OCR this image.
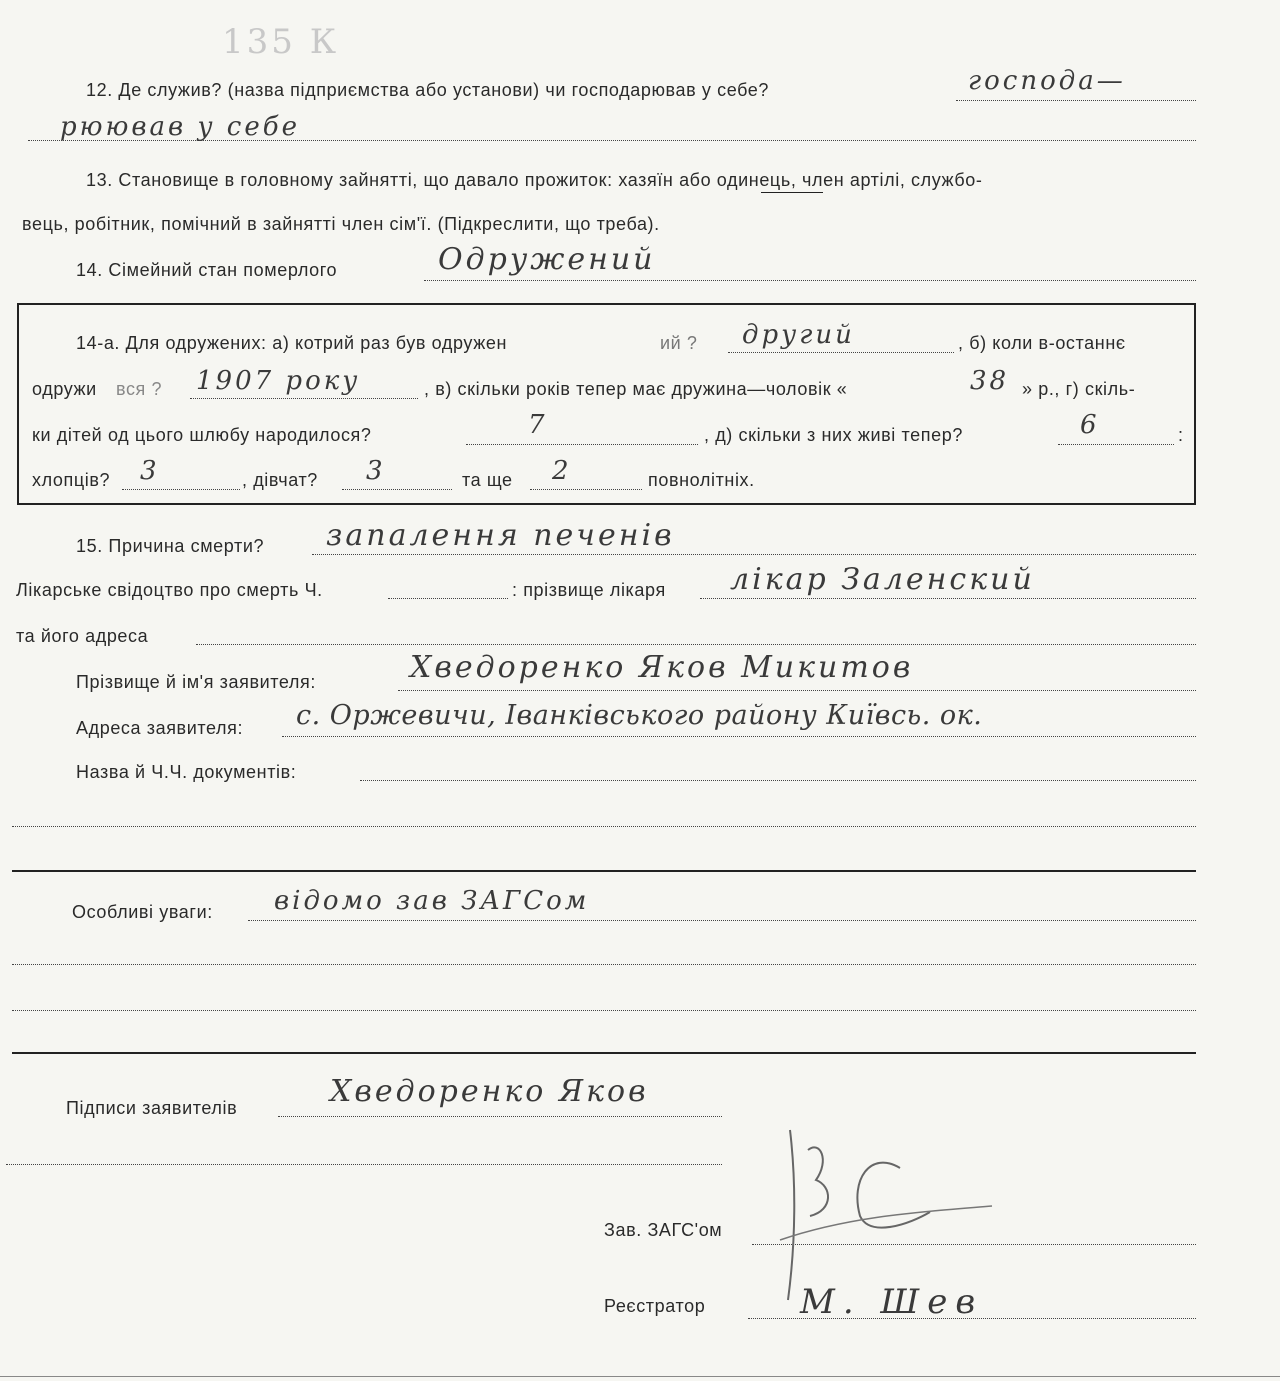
135 К
12. Де служив? (назва підприємства або установи) чи господарював у себе?	господа—
рюював у себе
13. Становище в головному зайнятті, що давало прожиток: хазяїн або одинець, член артілі, службо-
вець, робітник, помічний в зайнятті член сім'ї. (Підкреслити, що треба).
14. Сімейний стан померлого	Одружений
14-а. Для одружених: а) котрий раз був одружен	ий ? другий	, б) коли в-останнє
одружи вся ? 1907 року	, в) скільки років тепер має дружина—чоловік «	38 » р., г) скіль-
ки дітей од цього шлюбу народилося?	7	, д) скільки з них живі тепер?	6	:
хлопців? 3	, дівчат? 3	та ще 2	повнолітніх.
15. Причина смерти? запалення печенів
Лікарське свідоцтво про смерть Ч.	: прізвище лікаря лікар Заленский
та його адреса
Прізвище й ім'я заявителя:	Хведоренко Яков Микитов
Адреса заявителя: с. Оржевичи, Іванківського району Київсь. ок.
Назва й Ч.Ч. документів:
Особливі уваги: відомо зав ЗАГСом
Підписи заявителів	Хведоренко Яков
Зав. ЗАГС'ом
Реєстратор	М. Шев
